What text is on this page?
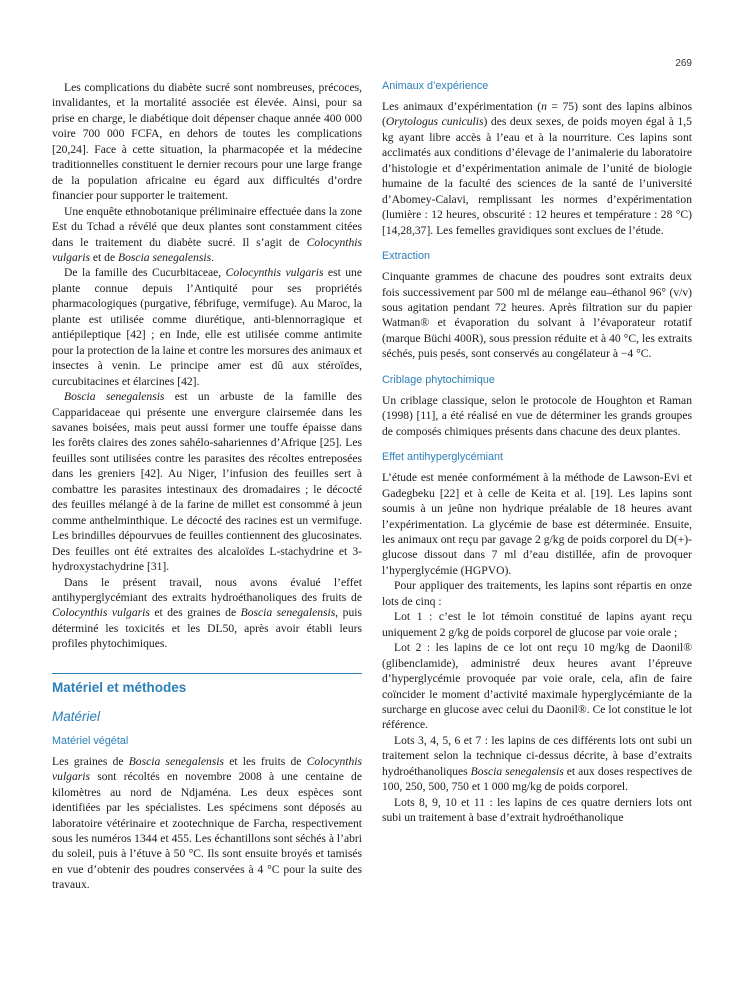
269

Les complications du diabète sucré sont nombreuses, précoces, invalidantes, et la mortalité associée est élevée. Ainsi, pour sa prise en charge, le diabétique doit dépenser chaque année 400 000 voire 700 000 FCFA, en dehors de toutes les complications [20,24]. Face à cette situation, la pharmacopée et la médecine traditionnelles constituent le dernier recours pour une large frange de la population africaine eu égard aux difficultés d’ordre financier pour supporter le traitement.

Une enquête ethnobotanique préliminaire effectuée dans la zone Est du Tchad a révélé que deux plantes sont constamment citées dans le traitement du diabète sucré. Il s’agit de Colocynthis vulgaris et de Boscia senegalensis.

De la famille des Cucurbitaceae, Colocynthis vulgaris est une plante connue depuis l’Antiquité pour ses propriétés pharmacologiques (purgative, fébrifuge, vermifuge). Au Maroc, la plante est utilisée comme diurétique, anti-blennorragique et antiépileptique [42] ; en Inde, elle est utilisée comme antimite pour la protection de la laine et contre les morsures des animaux et insectes à venin. Le principe amer est dû aux stéroïdes, curcubitacines et élarcines [42].

Boscia senegalensis est un arbuste de la famille des Capparidaceae qui présente une envergure clairsemée dans les savanes boisées, mais peut aussi former une touffe épaisse dans les forêts claires des zones sahélo-sahariennes d’Afrique [25]. Les feuilles sont utilisées contre les parasites des récoltes entreposées dans les greniers [42]. Au Niger, l’infusion des feuilles sert à combattre les parasites intestinaux des dromadaires ; le décocté des feuilles mélangé à de la farine de millet est consommé à jeun comme anthelminthique. Le décocté des racines est un vermifuge. Les brindilles dépourvues de feuilles contiennent des glucosinates. Des feuilles ont été extraites des alcaloïdes L-stachydrine et 3-hydroxystachydrine [31].

Dans le présent travail, nous avons évalué l’effet antihyperglycémiant des extraits hydroéthanoliques des fruits de Colocynthis vulgaris et des graines de Boscia senegalensis, puis déterminé les toxicités et les DL50, après avoir établi leurs profiles phytochimiques.

Matériel et méthodes
Matériel
Matériel végétal

Les graines de Boscia senegalensis et les fruits de Colocynthis vulgaris sont récoltés en novembre 2008 à une centaine de kilomètres au nord de Ndjaména. Les deux espèces sont identifiées par les spécialistes. Les spécimens sont déposés au laboratoire vétérinaire et zootechnique de Farcha, respectivement sous les numéros 1344 et 455. Les échantillons sont séchés à l’abri du soleil, puis à l’étuve à 50 °C. Ils sont ensuite broyés et tamisés en vue d’obtenir des poudres conservées à 4 °C pour la suite des travaux.

Animaux d’expérience

Les animaux d’expérimentation (n = 75) sont des lapins albinos (Orytologus cuniculis) des deux sexes, de poids moyen égal à 1,5 kg ayant libre accès à l’eau et à la nourriture. Ces lapins sont acclimatés aux conditions d’élevage de l’animalerie du laboratoire d’histologie et d’expérimentation animale de l’unité de biologie humaine de la faculté des sciences de la santé de l’université d’Abomey-Calavi, remplissant les normes d’expérimentation (lumière : 12 heures, obscurité : 12 heures et température : 28 °C) [14,28,37]. Les femelles gravidiques sont exclues de l’étude.

Extraction

Cinquante grammes de chacune des poudres sont extraits deux fois successivement par 500 ml de mélange eau–éthanol 96° (v/v) sous agitation pendant 72 heures. Après filtration sur du papier Watman® et évaporation du solvant à l’évaporateur rotatif (marque Büchi 400R), sous pression réduite et à 40 °C, les extraits séchés, puis pesés, sont conservés au congélateur à −4 °C.

Criblage phytochimique

Un criblage classique, selon le protocole de Houghton et Raman (1998) [11], a été réalisé en vue de déterminer les grands groupes de composés chimiques présents dans chacune des deux plantes.

Effet antihyperglycémiant

L’étude est menée conformément à la méthode de Lawson-Evi et Gadegbeku [22] et à celle de Keita et al. [19]. Les lapins sont soumis à un jeûne non hydrique préalable de 18 heures avant l’expérimentation. La glycémie de base est déterminée. Ensuite, les animaux ont reçu par gavage 2 g/kg de poids corporel du D(+)-glucose dissout dans 7 ml d’eau distillée, afin de provoquer l’hyperglycémie (HGPVO).

Pour appliquer des traitements, les lapins sont répartis en onze lots de cinq :

Lot 1 : c’est le lot témoin constitué de lapins ayant reçu uniquement 2 g/kg de poids corporel de glucose par voie orale ;

Lot 2 : les lapins de ce lot ont reçu 10 mg/kg de Daonil® (glibenclamide), administré deux heures avant l’épreuve d’hyperglycémie provoquée par voie orale, cela, afin de faire coïncider le moment d’activité maximale hyperglycémiante de la surcharge en glucose avec celui du Daonil®. Ce lot constitue le lot référence.

Lots 3, 4, 5, 6 et 7 : les lapins de ces différents lots ont subi un traitement selon la technique ci-dessus décrite, à base d’extraits hydroéthanoliques Boscia senegalensis et aux doses respectives de 100, 250, 500, 750 et 1 000 mg/kg de poids corporel.

Lots 8, 9, 10 et 11 : les lapins de ces quatre derniers lots ont subi un traitement à base d’extrait hydroéthanolique
